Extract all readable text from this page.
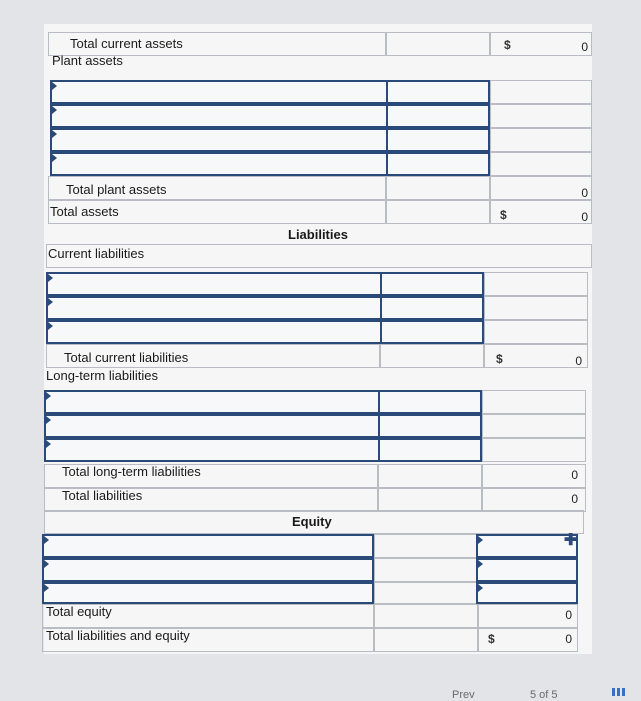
Total current assets	$	0
Plant assets
Total plant assets	0
Total assets	$	0
Liabilities
Current liabilities
Total current liabilities	$	0
Long-term liabilities
Total long-term liabilities	0
Total liabilities	0
Equity
✚
Total equity	0
Total liabilities and equity	$	0
Prev	5 of 5
